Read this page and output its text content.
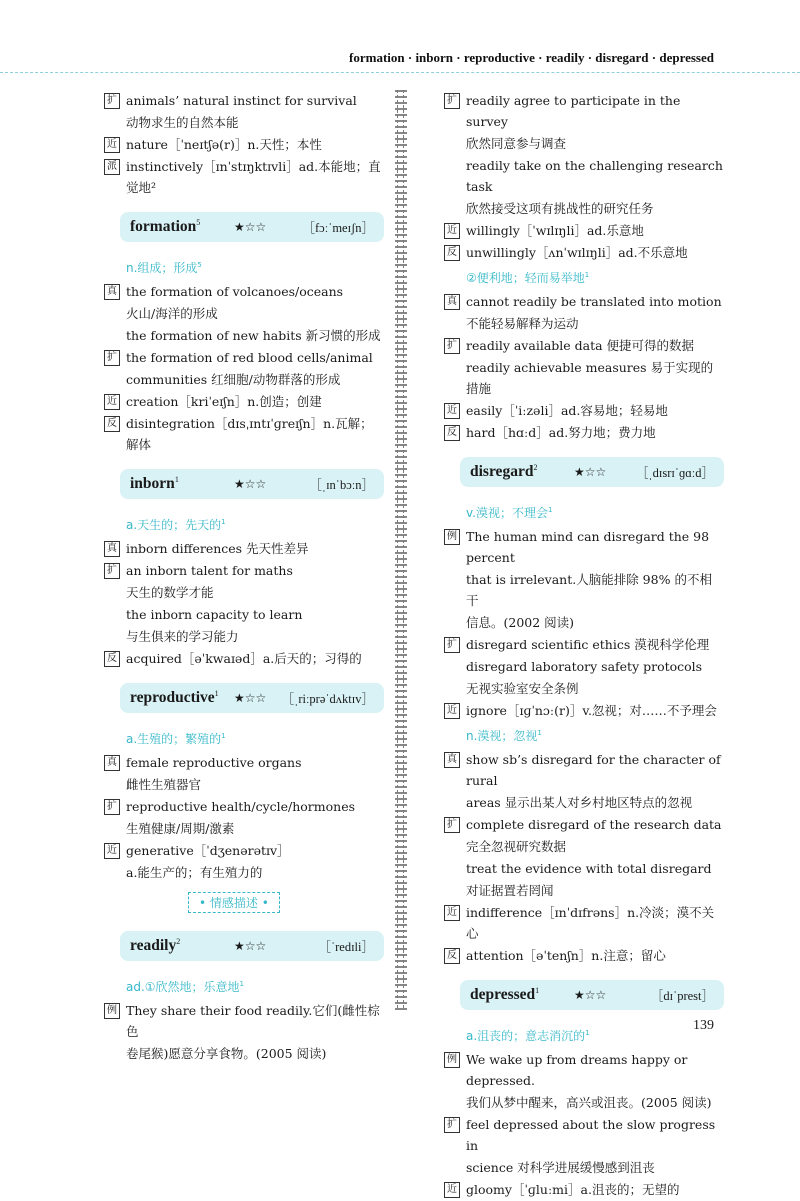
formation · inborn · reproductive · readily · disregard · depressed
扩 animals’ natural instinct for survival
动物求生的自然本能
近 nature［ˈneɪtʃə(r)］n.天性；本性
派 instinctively［ɪnˈstɪŋktɪvli］ad.本能地；直觉地²
formation$^5$	★☆☆	［fɔːˈmeɪʃn］
n.组成；形成$^5$
真 the formation of volcanoes/oceans
火山/海洋的形成
the formation of new habits 新习惯的形成
扩 the formation of red blood cells/animal
communities 红细胞/动物群落的形成
近 creation［kriˈeɪʃn］n.创造；创建
反 disintegration［dɪsˌɪntɪˈɡreɪʃn］n.瓦解；解体
inborn$^1$	★☆☆	［ˌɪnˈbɔːn］
a.天生的；先天的$^1$
真 inborn differences 先天性差异
扩 an inborn talent for maths
天生的数学才能
the inborn capacity to learn
与生俱来的学习能力
反 acquired［əˈkwaɪəd］a.后天的；习得的
reproductive$^1$	★☆☆	［ˌriːprəˈdʌktɪv］
a.生殖的；繁殖的$^1$
真 female reproductive organs
雌性生殖器官
扩 reproductive health/cycle/hormones
生殖健康/周期/激素
近 generative［ˈdʒenərətɪv］
a.能生产的；有生殖力的
• 情感描述 •
readily$^2$	★☆☆	［ˈredɪli］
ad.①欣然地；乐意地$^1$
例 They share their food readily.它们(雌性棕色
卷尾猴)愿意分享食物。(2005 阅读)
扩 readily agree to participate in the survey
欣然同意参与调查
readily take on the challenging research task
欣然接受这项有挑战性的研究任务
近 willingly［ˈwɪlɪŋli］ad.乐意地
反 unwillingly［ʌnˈwɪlɪŋli］ad.不乐意地
②便利地；轻而易举地$^1$
真 cannot readily be translated into motion
不能轻易解释为运动
扩 readily available data 便捷可得的数据
readily achievable measures 易于实现的措施
近 easily［ˈiːzəli］ad.容易地；轻易地
反 hard［hɑːd］ad.努力地；费力地
disregard$^2$	★☆☆	［ˌdɪsrɪˈɡɑːd］
v.漠视；不理会$^1$
例 The human mind can disregard the 98 percent
that is irrelevant.人脑能排除 98% 的不相干
信息。(2002 阅读)
扩 disregard scientific ethics 漠视科学伦理
disregard laboratory safety protocols
无视实验室安全条例
近 ignore［ɪɡˈnɔː(r)］v.忽视；对……不予理会
n.漠视；忽视$^1$
真 show sb’s disregard for the character of rural
areas 显示出某人对乡村地区特点的忽视
扩 complete disregard of the research data
完全忽视研究数据
treat the evidence with total disregard
对证据置若罔闻
近 indifference［ɪnˈdɪfrəns］n.冷淡；漠不关心
反 attention［əˈtenʃn］n.注意；留心
depressed$^1$	★☆☆	［dɪˈprest］
a.沮丧的；意志消沉的$^1$
例 We wake up from dreams happy or depressed.
我们从梦中醒来，高兴或沮丧。(2005 阅读)
扩 feel depressed about the slow progress in
science 对科学进展缓慢感到沮丧
近 gloomy［ˈɡluːmi］a.沮丧的；无望的
139
